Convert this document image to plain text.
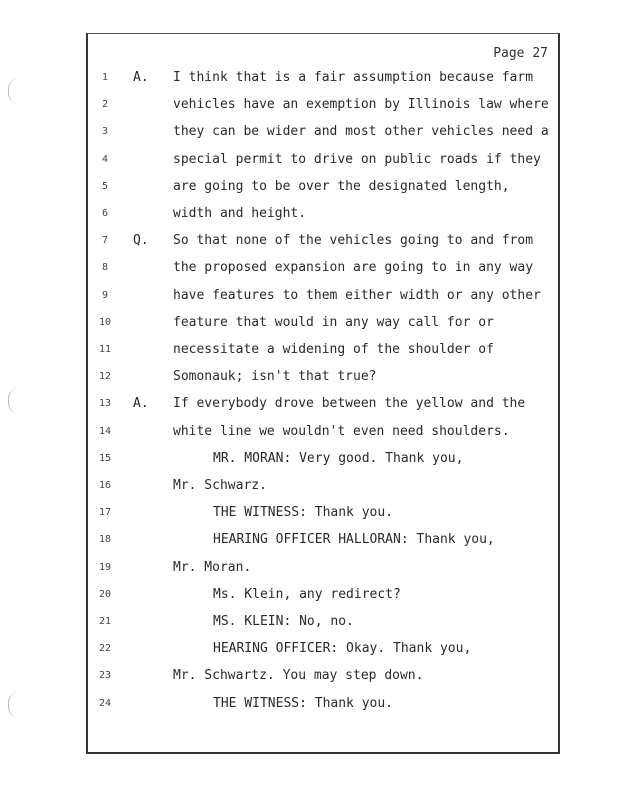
Page 27
1	A. I think that is a fair assumption because farm
2	vehicles have an exemption by Illinois law where
3	they can be wider and most other vehicles need a
4	special permit to drive on public roads if they
5	are going to be over the designated length,
6	width and height.
7	Q. So that none of the vehicles going to and from
8	the proposed expansion are going to in any way
9	have features to them either width or any other
10	feature that would in any way call for or
11	necessitate a widening of the shoulder of
12	Somonauk; isn't that true?
13 A. If everybody drove between the yellow and the
14	white line we wouldn't even need shoulders.
15	MR. MORAN: Very good. Thank you,
16	Mr. Schwarz.
17	THE WITNESS: Thank you.
18	HEARING OFFICER HALLORAN: Thank you,
19	Mr. Moran.
20	Ms. Klein, any redirect?
21	MS. KLEIN: No, no.
22	HEARING OFFICER: Okay. Thank you,
23	Mr. Schwartz. You may step down.
24	THE WITNESS: Thank you.
